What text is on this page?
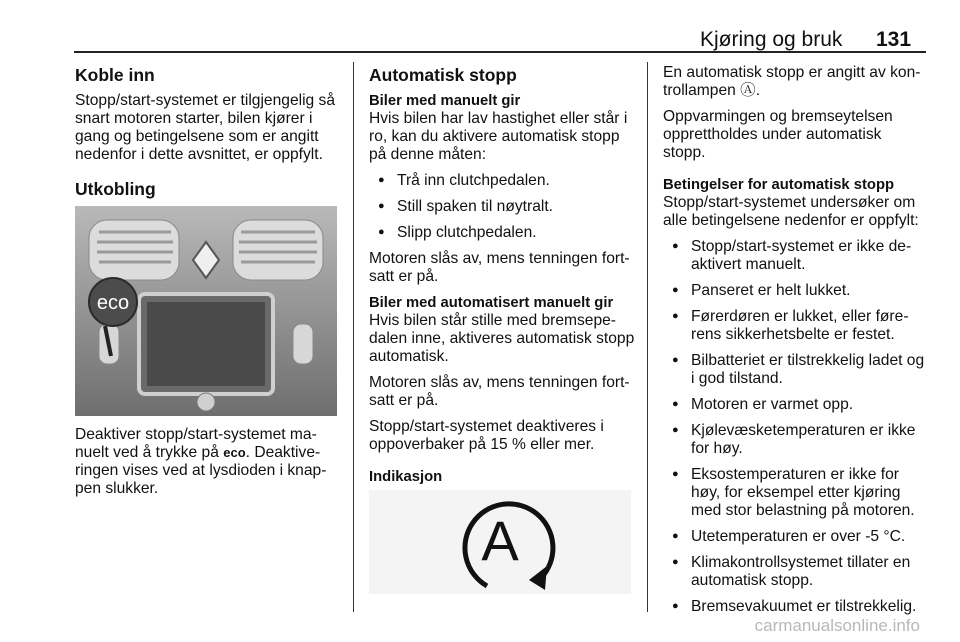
Kjøring og bruk 131
Koble inn

Stopp/start-systemet er tilgjengelig så snart motoren starter, bilen kjører i gang og betingelsene som er angitt nedenfor i dette avsnittet, er oppfylt.

Utkobling
eco

Deaktiver stopp/start-systemet manuelt ved å trykke på eco. Deaktiveringen vises ved at lysdioden i knappen slukker.

Automatisk stopp
Biler med manuelt gir

Hvis bilen har lav hastighet eller står i ro, kan du aktivere automatisk stopp på denne måten:

● Trå inn clutchpedalen.
● Still spaken til nøytralt.
● Slipp clutchpedalen.

Motoren slås av, mens tenningen fortsatt er på.

Biler med automatisert manuelt gir

Hvis bilen står stille med bremsepedalen inne, aktiveres automatisk stopp automatisk.

Motoren slås av, mens tenningen fortsatt er på.

Stopp/start-systemet deaktiveres i oppoverbaker på 15 % eller mer.

Indikasjon
A

En automatisk stopp er angitt av kontrollampen Ⓐ.

Oppvarmingen og bremseytelsen opprettholdes under automatisk stopp.

Betingelser for automatisk stopp

Stopp/start-systemet undersøker om alle betingelsene nedenfor er oppfylt:

● Stopp/start-systemet er ikke deaktivert manuelt.
● Panseret er helt lukket.
● Førerdøren er lukket, eller førerens sikkerhetsbelte er festet.
● Bilbatteriet er tilstrekkelig ladet og i god tilstand.
● Motoren er varmet opp.
● Kjølevæsketemperaturen er ikke for høy.
● Eksostemperaturen er ikke for høy, for eksempel etter kjøring med stor belastning på motoren.
● Utetemperaturen er over -5 °C.
● Klimakontrollsystemet tillater en automatisk stopp.
● Bremsevakuumet er tilstrekkelig.
carmanualsonline.info
